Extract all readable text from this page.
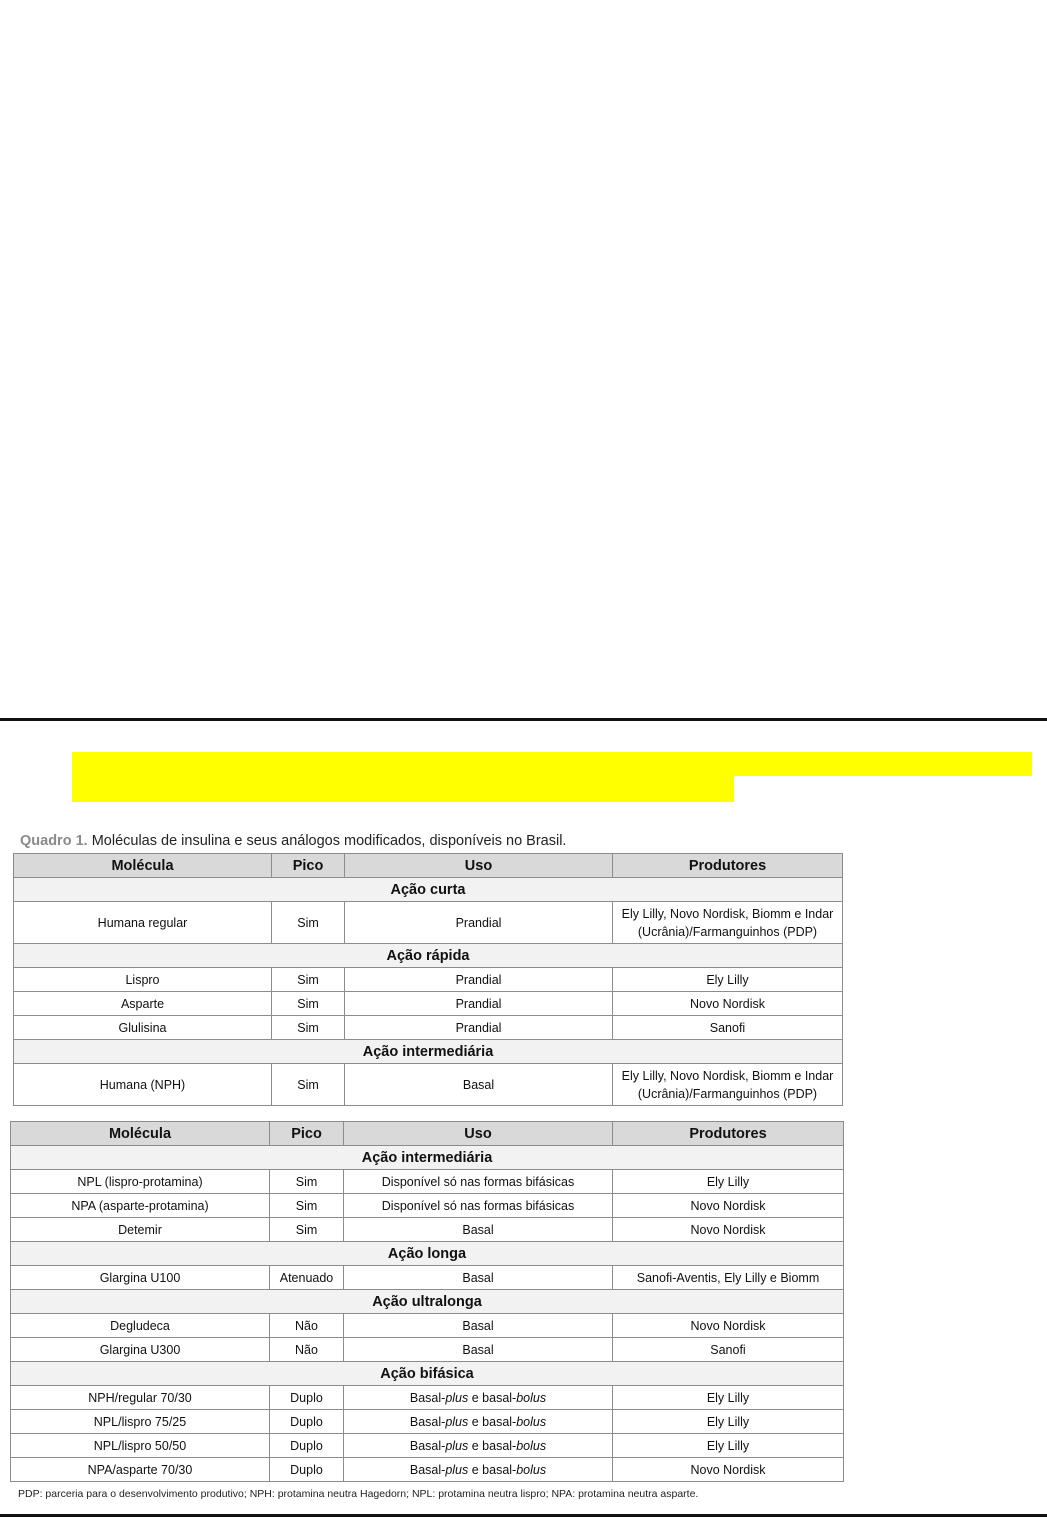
Quadro 1. Moléculas de insulina e seus análogos modificados, disponíveis no Brasil.
Molécula	Pico	Uso	Produtores
Ação curta			
Humana regular	Sim	Prandial	Ely Lilly, Novo Nordisk, Biomm e Indar (Ucrânia)/Farmanguinhos (PDP)
Ação rápida			
Lispro	Sim	Prandial	Ely Lilly
Asparte	Sim	Prandial	Novo Nordisk
Glulisina	Sim	Prandial	Sanofi
Ação intermediária			
Humana (NPH)	Sim	Basal	Ely Lilly, Novo Nordisk, Biomm e Indar (Ucrânia)/Farmanguinhos (PDP)
Molécula	Pico	Uso	Produtores
Ação intermediária			
NPL (lispro-protamina)	Sim	Disponível só nas formas bifásicas	Ely Lilly
NPA (asparte-protamina)	Sim	Disponível só nas formas bifásicas	Novo Nordisk
Detemir	Sim	Basal	Novo Nordisk
Ação longa			
Glargina U100	Atenuado	Basal	Sanofi-Aventis, Ely Lilly e Biomm
Ação ultralonga			
Degludeca	Não	Basal	Novo Nordisk
Glargina U300	Não	Basal	Sanofi
Ação bifásica			
NPH/regular 70/30	Duplo	Basal-plus e basal-bolus	Ely Lilly
NPL/lispro 75/25	Duplo	Basal-plus e basal-bolus	Ely Lilly
NPL/lispro 50/50	Duplo	Basal-plus e basal-bolus	Ely Lilly
NPA/asparte 70/30	Duplo	Basal-plus e basal-bolus	Novo Nordisk
PDP: parceria para o desenvolvimento produtivo; NPH: protamina neutra Hagedorn; NPL: protamina neutra lispro; NPA: protamina neutra asparte.
